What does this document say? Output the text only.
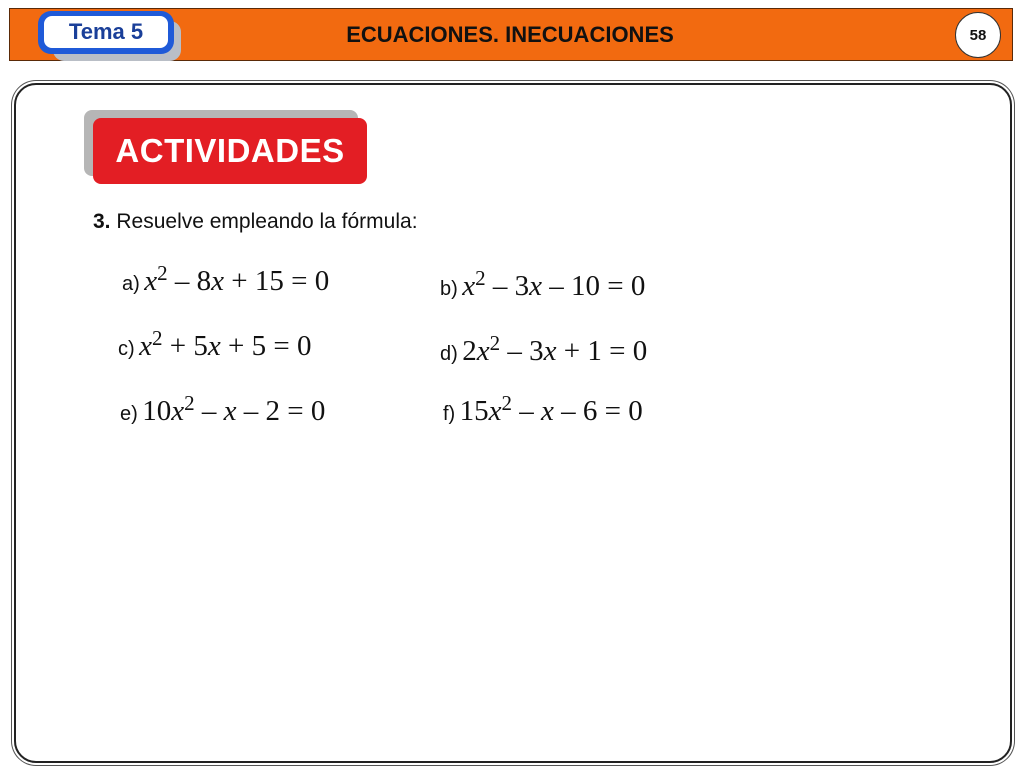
Tema 5	ECUACIONES. INECUACIONES	58
ACTIVIDADES
3. Resuelve empleando la fórmula:
a) $x^2 - 8x + 15 = 0$	b) $x^2 - 3x - 10 = 0$
c) $x^2 + 5x + 5 = 0$	d) $2x^2 - 3x + 1 = 0$
e) $10x^2 - x - 2 = 0$	f) $15x^2 - x - 6 = 0$
